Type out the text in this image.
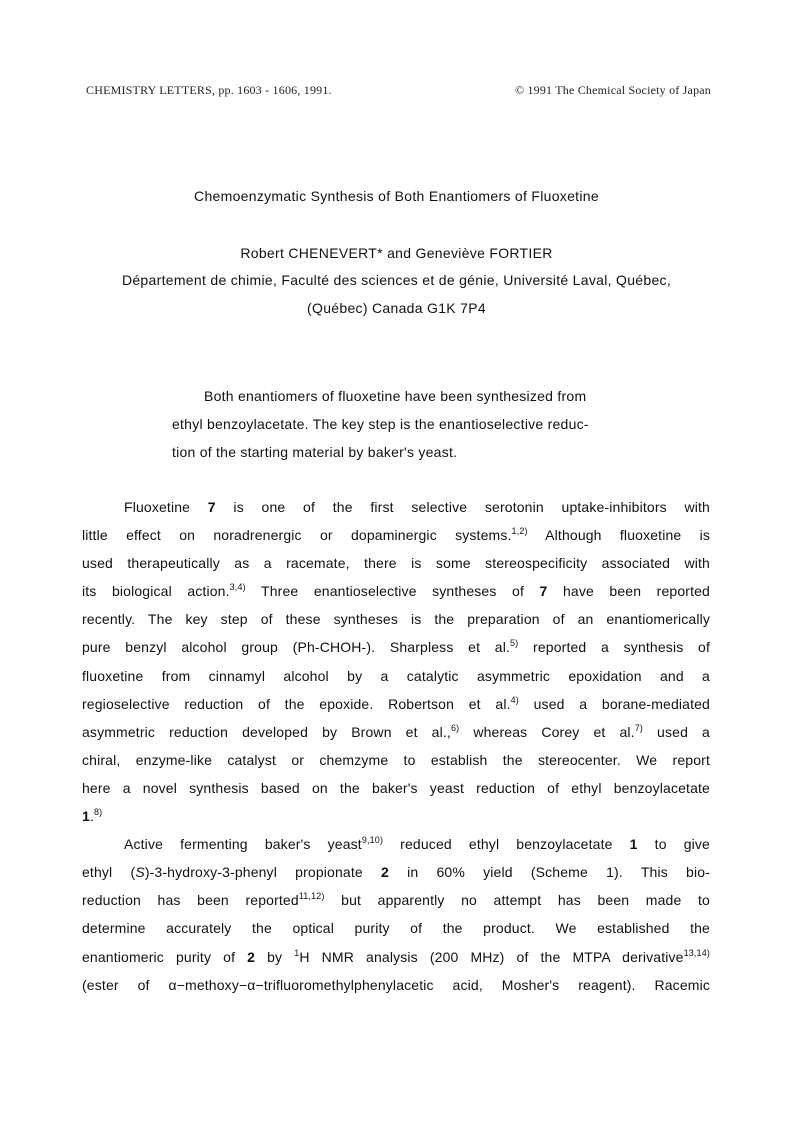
CHEMISTRY LETTERS, pp. 1603 - 1606, 1991.	© 1991 The Chemical Society of Japan
Chemoenzymatic Synthesis of Both Enantiomers of Fluoxetine
Robert CHENEVERT* and Geneviève FORTIER
Département de chimie, Faculté des sciences et de génie, Université Laval, Québec,
(Québec) Canada G1K 7P4
Both enantiomers of fluoxetine have been synthesized from
ethyl benzoylacetate. The key step is the enantioselective reduc-
tion of the starting material by baker's yeast.
Fluoxetine 7 is one of the first selective serotonin uptake-inhibitors with
little effect on noradrenergic or dopaminergic systems.$^{1,2)}$ Although fluoxetine is
used therapeutically as a racemate, there is some stereospecificity associated with
its biological action.$^{3,4)}$ Three enantioselective syntheses of 7 have been reported
recently. The key step of these syntheses is the preparation of an enantiomerically
pure benzyl alcohol group (Ph-CHOH-). Sharpless et al.$^{5)}$ reported a synthesis of
fluoxetine from cinnamyl alcohol by a catalytic asymmetric epoxidation and a
regioselective reduction of the epoxide. Robertson et al.$^{4)}$ used a borane-mediated
asymmetric reduction developed by Brown et al.,$^{6)}$ whereas Corey et al.$^{7)}$ used a
chiral, enzyme-like catalyst or chemzyme to establish the stereocenter. We report
here a novel synthesis based on the baker's yeast reduction of ethyl benzoylacetate
1.$^{8)}$
Active fermenting baker's yeast$^{9,10)}$ reduced ethyl benzoylacetate 1 to give
ethyl (S)-3-hydroxy-3-phenyl propionate 2 in 60% yield (Scheme 1). This bio-
reduction has been reported$^{11,12)}$ but apparently no attempt has been made to
determine accurately the optical purity of the product. We established the
enantiomeric purity of 2 by $^1$H NMR analysis (200 MHz) of the MTPA derivative$^{13,14)}$
(ester of α−methoxy−α−trifluoromethylphenylacetic acid, Mosher's reagent). Racemic
